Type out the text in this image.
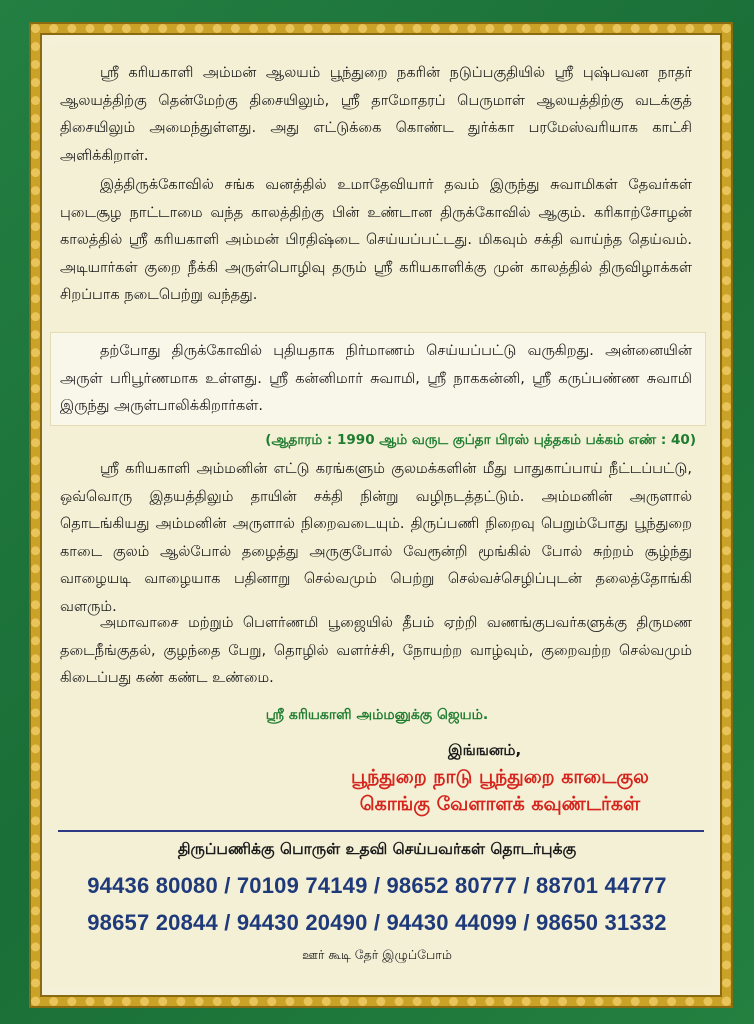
ஸ்ரீ கரியகாளி அம்மன் ஆலயம் பூந்துறை நகரின் நடுப்பகுதியில் ஸ்ரீ புஷ்பவன நாதர் ஆலயத்திற்கு தென்மேற்கு திசையிலும், ஸ்ரீ தாமோதரப் பெருமாள் ஆலயத்திற்கு வடக்குத் திசையிலும் அமைந்துள்ளது. அது எட்டுக்கை கொண்ட துர்க்கா பரமேஸ்வரியாக காட்சி அளிக்கிறாள்.
இத்திருக்கோவில் சங்க வனத்தில் உமாதேவியார் தவம் இருந்து சுவாமிகள் தேவர்கள் புடைசூழ நாட்டாமை வந்த காலத்திற்கு பின் உண்டான திருக்கோவில் ஆகும். கரிகாற்சோழன் காலத்தில் ஸ்ரீ கரியகாளி அம்மன் பிரதிஷ்டை செய்யப்பட்டது. மிகவும் சக்தி வாய்ந்த தெய்வம். அடியார்கள் குறை நீக்கி அருள்பொழிவு தரும் ஸ்ரீ கரியகாளிக்கு முன் காலத்தில் திருவிழாக்கள் சிறப்பாக நடைபெற்று வந்தது.
தற்போது திருக்கோவில் புதியதாக நிர்மாணம் செய்யப்பட்டு வருகிறது. அன்னையின் அருள் பரிபூர்ணமாக உள்ளது. ஸ்ரீ கன்னிமார் சுவாமி, ஸ்ரீ நாககன்னி, ஸ்ரீ கருப்பண்ண சுவாமி இருந்து அருள்பாலிக்கிறார்கள்.
(ஆதாரம் : 1990 ஆம் வருட குப்தா பிரஸ் புத்தகம் பக்கம் எண் : 40)
ஸ்ரீ கரியகாளி அம்மனின் எட்டு கரங்களும் குலமக்களின் மீது பாதுகாப்பாய் நீட்டப்பட்டு, ஒவ்வொரு இதயத்திலும் தாயின் சக்தி நின்று வழிநடத்தட்டும். அம்மனின் அருளால் தொடங்கியது அம்மனின் அருளால் நிறைவடையும். திருப்பணி நிறைவு பெறும்போது பூந்துறை காடை குலம் ஆல்போல் தழைத்து அருகுபோல் வேரூன்றி மூங்கில் போல் சுற்றம் சூழ்ந்து வாழையடி வாழையாக பதினாறு செல்வமும் பெற்று செல்வச்செழிப்புடன் தலைத்தோங்கி வளரும்.
அமாவாசை மற்றும் பௌர்ணமி பூஜையில் தீபம் ஏற்றி வணங்குபவர்களுக்கு திருமண தடைநீங்குதல், குழந்தை பேறு, தொழில் வளர்ச்சி, நோயற்ற வாழ்வும், குறைவற்ற செல்வமும் கிடைப்பது கண் கண்ட உண்மை.
ஸ்ரீ கரியகாளி அம்மனுக்கு ஜெயம்.
இங்ஙனம்,
பூந்துறை நாடு பூந்துறை காடைகுல
கொங்கு வேளாளக் கவுண்டர்கள்
திருப்பணிக்கு பொருள் உதவி செய்பவர்கள் தொடர்புக்கு
94436 80080 / 70109 74149 / 98652 80777 / 88701 44777
98657 20844 / 94430 20490 / 94430 44099 / 98650 31332
ஊர் கூடி தேர் இழுப்போம்
